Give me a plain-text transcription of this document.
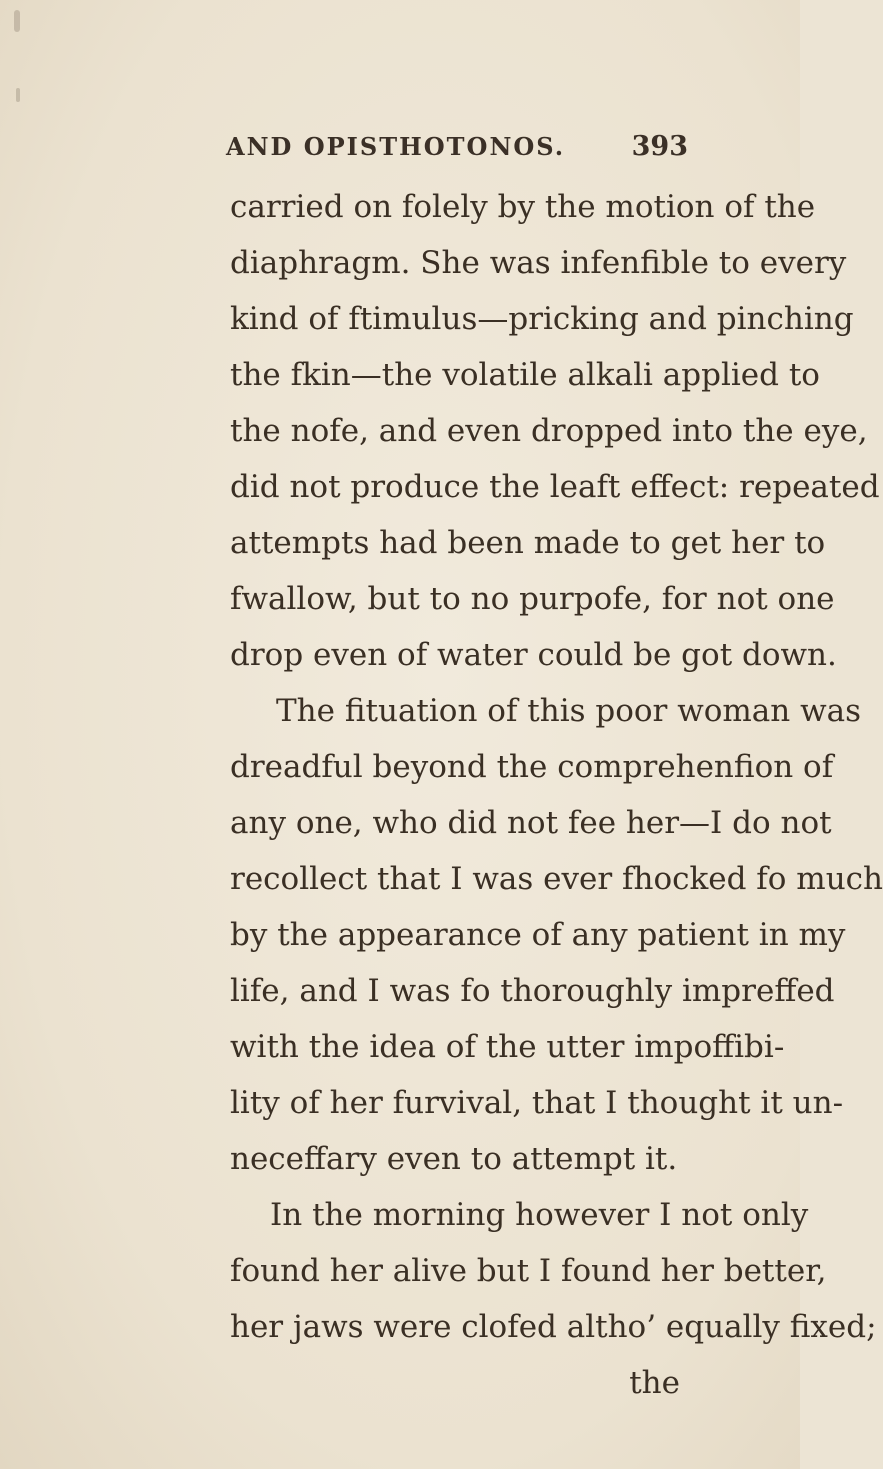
AND OPISTHOTONOS. 393
carried on folely by the motion of the
diaphragm. She was infenfible to every
kind of ftimulus—pricking and pinching
the fkin—the volatile alkali applied to
the nofe, and even dropped into the eye,
did not produce the leaft effect: repeated
attempts had been made to get her to
fwallow, but to no purpofe, for not one
drop even of water could be got down.
The fituation of this poor woman was
dreadful beyond the comprehenfion of
any one, who did not fee her—I do not
recollect that I was ever fhocked fo much
by the appearance of any patient in my
life, and I was fo thoroughly impreffed
with the idea of the utter impoffibi-
lity of her furvival, that I thought it un-
neceffary even to attempt it.
In the morning however I not only
found her alive but I found her better,
her jaws were clofed altho’ equally fixed;
the
